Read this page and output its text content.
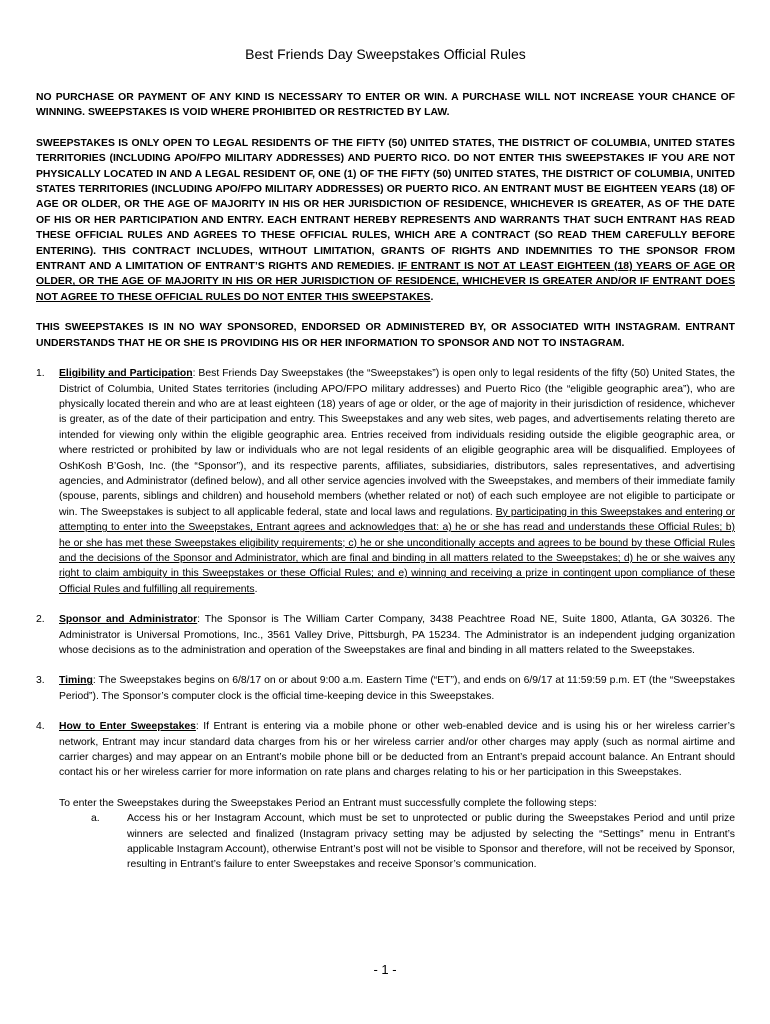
Best Friends Day Sweepstakes Official Rules

NO PURCHASE OR PAYMENT OF ANY KIND IS NECESSARY TO ENTER OR WIN. A PURCHASE WILL NOT INCREASE YOUR CHANCE OF WINNING. SWEEPSTAKES IS VOID WHERE PROHIBITED OR RESTRICTED BY LAW.

SWEEPSTAKES IS ONLY OPEN TO LEGAL RESIDENTS OF THE FIFTY (50) UNITED STATES, THE DISTRICT OF COLUMBIA, UNITED STATES TERRITORIES (INCLUDING APO/FPO MILITARY ADDRESSES) AND PUERTO RICO. DO NOT ENTER THIS SWEEPSTAKES IF YOU ARE NOT PHYSICALLY LOCATED IN AND A LEGAL RESIDENT OF, ONE (1) OF THE FIFTY (50) UNITED STATES, THE DISTRICT OF COLUMBIA, UNITED STATES TERRITORIES (INCLUDING APO/FPO MILITARY ADDRESSES) OR PUERTO RICO. AN ENTRANT MUST BE EIGHTEEN YEARS (18) OF AGE OR OLDER, OR THE AGE OF MAJORITY IN HIS OR HER JURISDICTION OF RESIDENCE, WHICHEVER IS GREATER, AS OF THE DATE OF HIS OR HER PARTICIPATION AND ENTRY. EACH ENTRANT HEREBY REPRESENTS AND WARRANTS THAT SUCH ENTRANT HAS READ THESE OFFICIAL RULES AND AGREES TO THESE OFFICIAL RULES, WHICH ARE A CONTRACT (SO READ THEM CAREFULLY BEFORE ENTERING). THIS CONTRACT INCLUDES, WITHOUT LIMITATION, GRANTS OF RIGHTS AND INDEMNITIES TO THE SPONSOR FROM ENTRANT AND A LIMITATION OF ENTRANT’S RIGHTS AND REMEDIES. IF ENTRANT IS NOT AT LEAST EIGHTEEN (18) YEARS OF AGE OR OLDER, OR THE AGE OF MAJORITY IN HIS OR HER JURISDICTION OF RESIDENCE, WHICHEVER IS GREATER AND/OR IF ENTRANT DOES NOT AGREE TO THESE OFFICIAL RULES DO NOT ENTER THIS SWEEPSTAKES.

THIS SWEEPSTAKES IS IN NO WAY SPONSORED, ENDORSED OR ADMINISTERED BY, OR ASSOCIATED WITH INSTAGRAM. ENTRANT UNDERSTANDS THAT HE OR SHE IS PROVIDING HIS OR HER INFORMATION TO SPONSOR AND NOT TO INSTAGRAM.

1.	Eligibility and Participation: Best Friends Day Sweepstakes (the “Sweepstakes”) is open only to legal residents of the fifty (50) United States, the District of Columbia, United States territories (including APO/FPO military addresses) and Puerto Rico (the “eligible geographic area”), who are physically located therein and who are at least eighteen (18) years of age or older, or the age of majority in their jurisdiction of residence, whichever is greater, as of the date of their participation and entry. This Sweepstakes and any web sites, web pages, and advertisements relating thereto are intended for viewing only within the eligible geographic area. Entries received from individuals residing outside the eligible geographic area, or where restricted or prohibited by law or individuals who are not legal residents of an eligible geographic area will be disqualified. Employees of OshKosh B’Gosh, Inc. (the “Sponsor”), and its respective parents, affiliates, subsidiaries, distributors, sales representatives, and advertising agencies, and Administrator (defined below), and all other service agencies involved with the Sweepstakes, and members of their immediate family (spouse, parents, siblings and children) and household members (whether related or not) of each such employee are not eligible to participate or win. The Sweepstakes is subject to all applicable federal, state and local laws and regulations. By participating in this Sweepstakes and entering or attempting to enter into the Sweepstakes, Entrant agrees and acknowledges that: a) he or she has read and understands these Official Rules; b) he or she has met these Sweepstakes eligibility requirements; c) he or she unconditionally accepts and agrees to be bound by these Official Rules and the decisions of the Sponsor and Administrator, which are final and binding in all matters related to the Sweepstakes; d) he or she waives any right to claim ambiguity in this Sweepstakes or these Official Rules; and e) winning and receiving a prize in contingent upon compliance of these Official Rules and fulfilling all requirements.
2.	Sponsor and Administrator: The Sponsor is The William Carter Company, 3438 Peachtree Road NE, Suite 1800, Atlanta, GA 30326. The Administrator is Universal Promotions, Inc., 3561 Valley Drive, Pittsburgh, PA 15234. The Administrator is an independent judging organization whose decisions as to the administration and operation of the Sweepstakes are final and binding in all matters related to the Sweepstakes.
3.	Timing: The Sweepstakes begins on 6/8/17 on or about 9:00 a.m. Eastern Time (“ET”), and ends on 6/9/17 at 11:59:59 p.m. ET (the “Sweepstakes Period”). The Sponsor’s computer clock is the official time-keeping device in this Sweepstakes.
4.	How to Enter Sweepstakes: If Entrant is entering via a mobile phone or other web-enabled device and is using his or her wireless carrier’s network, Entrant may incur standard data charges from his or her wireless carrier and/or other charges may apply (such as normal airtime and carrier charges) and may appear on an Entrant’s mobile phone bill or be deducted from an Entrant’s prepaid account balance. An Entrant should contact his or her wireless carrier for more information on rate plans and charges relating to his or her participation in this Sweepstakes.
To enter the Sweepstakes during the Sweepstakes Period an Entrant must successfully complete the following steps:
a.	Access his or her Instagram Account, which must be set to unprotected or public during the Sweepstakes Period and until prize winners are selected and finalized (Instagram privacy setting may be adjusted by selecting the “Settings” menu in Entrant’s applicable Instagram Account), otherwise Entrant’s post will not be visible to Sponsor and therefore, will not be received by Sponsor, resulting in Entrant’s failure to enter Sweepstakes and receive Sponsor’s communication.
- 1 -
